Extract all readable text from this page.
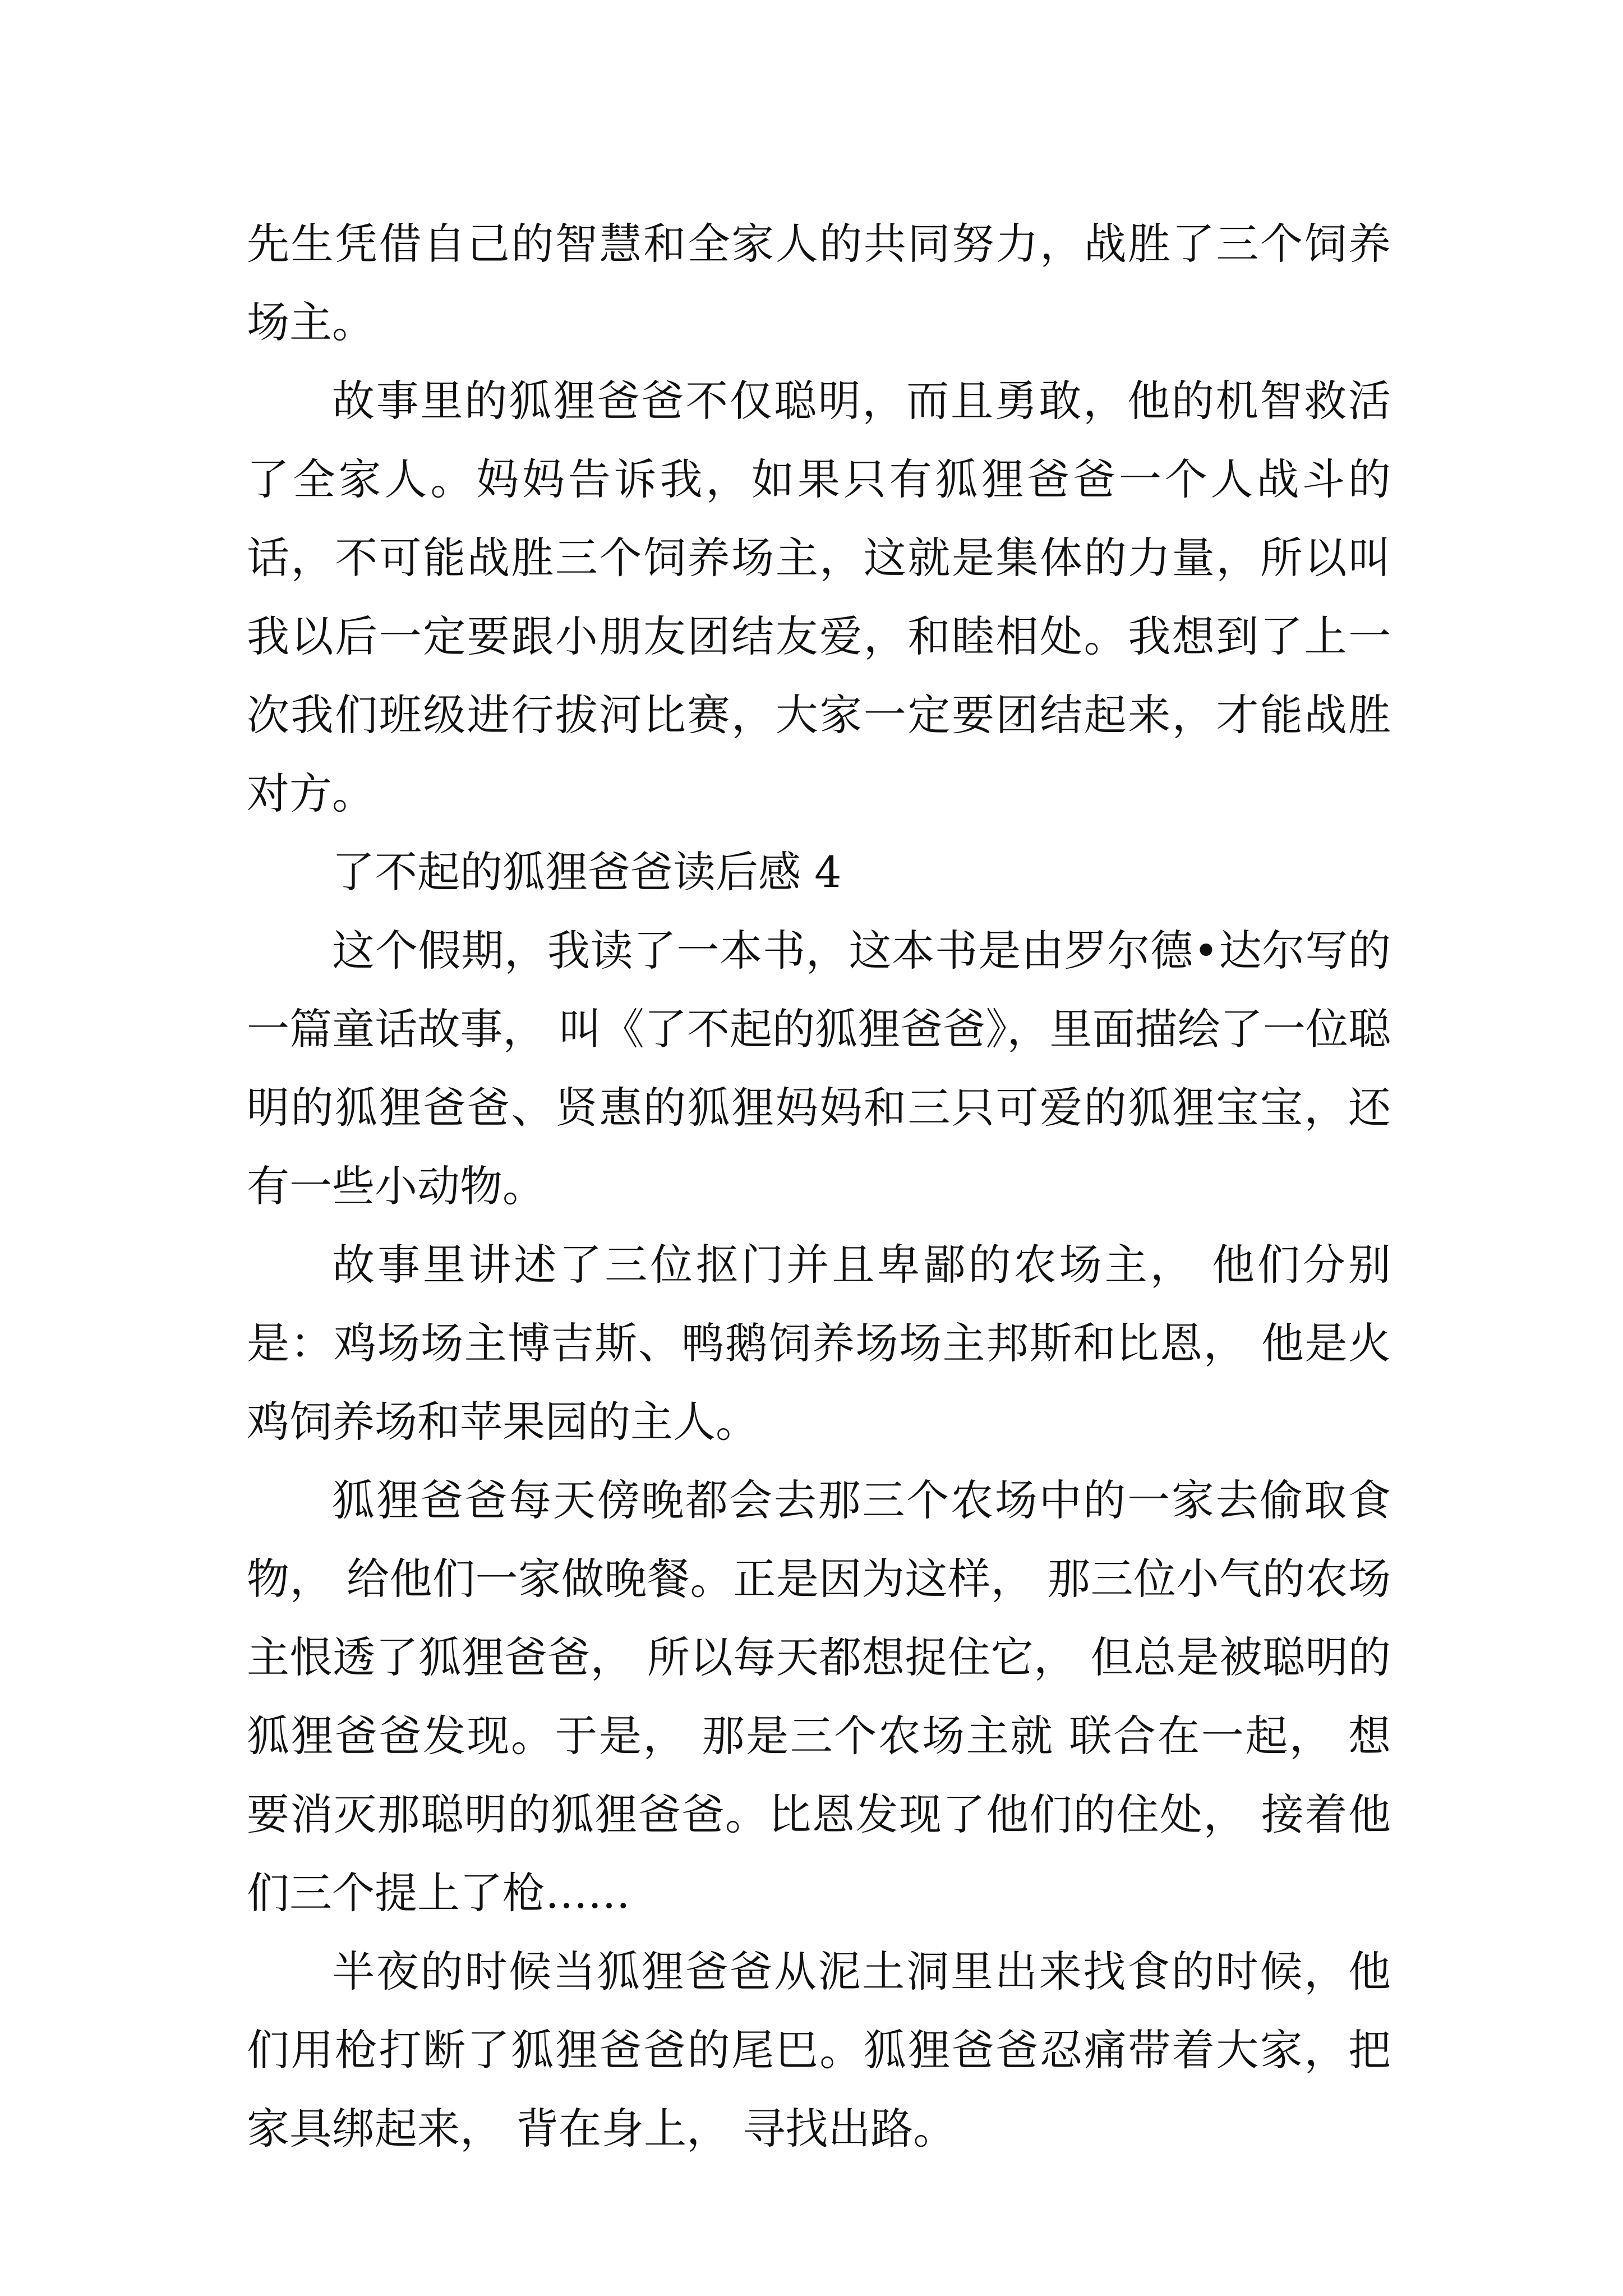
先生凭借自己的智慧和全家人的共同努力，战胜了三个饲养场主。

故事里的狐狸爸爸不仅聪明，而且勇敢，他的机智救活了全家人。妈妈告诉我，如果只有狐狸爸爸一个人战斗的话，不可能战胜三个饲养场主，这就是集体的力量，所以叫我以后一定要跟小朋友团结友爱，和睦相处。我想到了上一次我们班级进行拔河比赛，大家一定要团结起来，才能战胜对方。

了不起的狐狸爸爸读后感 4

这个假期，我读了一本书，这本书是由罗尔德•达尔写的一篇童话故事， 叫《了不起的狐狸爸爸》，里面描绘了一位聪明的狐狸爸爸、贤惠的狐狸妈妈和三只可爱的狐狸宝宝，还有一些小动物。

故事里讲述了三位抠门并且卑鄙的农场主， 他们分别是：鸡场场主博吉斯、鸭鹅饲养场场主邦斯和比恩， 他是火鸡饲养场和苹果园的主人。

狐狸爸爸每天傍晚都会去那三个农场中的一家去偷取食物， 给他们一家做晚餐。正是因为这样， 那三位小气的农场主恨透了狐狸爸爸， 所以每天都想捉住它， 但总是被聪明的狐狸爸爸发现。于是， 那是三个农场主就 联合在一起， 想要消灭那聪明的狐狸爸爸。比恩发现了他们的住处， 接着他们三个提上了枪……

半夜的时候当狐狸爸爸从泥土洞里出来找食的时候，他们用枪打断了狐狸爸爸的尾巴。狐狸爸爸忍痛带着大家，把家具绑起来， 背在身上， 寻找出路。
